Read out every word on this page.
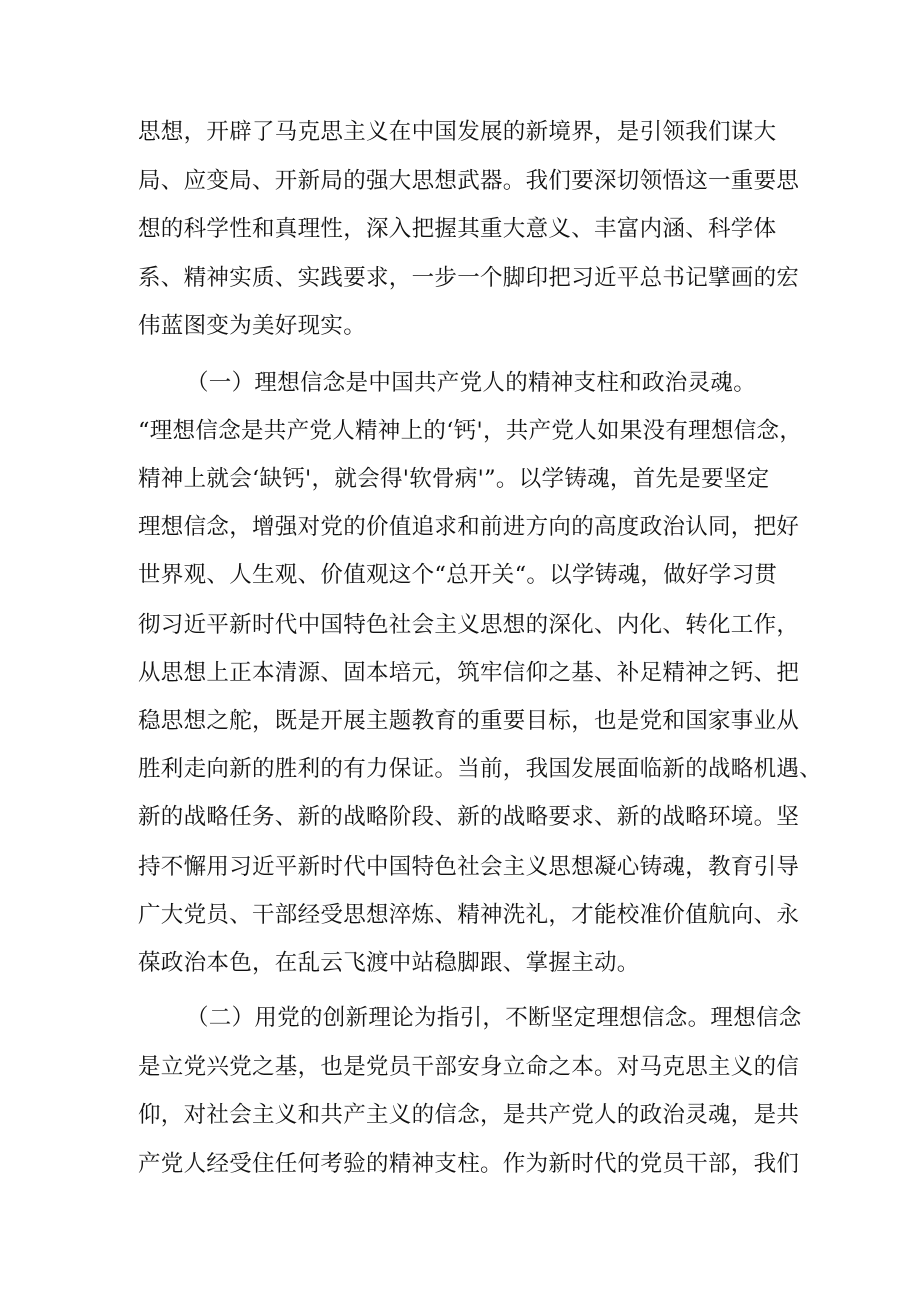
思想，开辟了马克思主义在中国发展的新境界，是引领我们谋大
局、应变局、开新局的强大思想武器。我们要深切领悟这一重要思
想的科学性和真理性，深入把握其重大意义、丰富内涵、科学体
系、精神实质、实践要求，一步一个脚印把习近平总书记擘画的宏
伟蓝图变为美好现实。
（一）理想信念是中国共产党人的精神支柱和政治灵魂。
“理想信念是共产党人精神上的‘钙'，共产党人如果没有理想信念，
精神上就会‘缺钙'，就会得'软骨病'”。以学铸魂，首先是要坚定
理想信念，增强对党的价值追求和前进方向的高度政治认同，把好
世界观、人生观、价值观这个“总开关“。以学铸魂，做好学习贯
彻习近平新时代中国特色社会主义思想的深化、内化、转化工作，
从思想上正本清源、固本培元，筑牢信仰之基、补足精神之钙、把
稳思想之舵，既是开展主题教育的重要目标，也是党和国家事业从
胜利走向新的胜利的有力保证。当前，我国发展面临新的战略机遇、
新的战略任务、新的战略阶段、新的战略要求、新的战略环境。坚
持不懈用习近平新时代中国特色社会主义思想凝心铸魂，教育引导
广大党员、干部经受思想淬炼、精神洗礼，才能校准价值航向、永
葆政治本色，在乱云飞渡中站稳脚跟、掌握主动。
（二）用党的创新理论为指引，不断坚定理想信念。理想信念
是立党兴党之基，也是党员干部安身立命之本。对马克思主义的信
仰，对社会主义和共产主义的信念，是共产党人的政治灵魂，是共
产党人经受住任何考验的精神支柱。作为新时代的党员干部，我们
